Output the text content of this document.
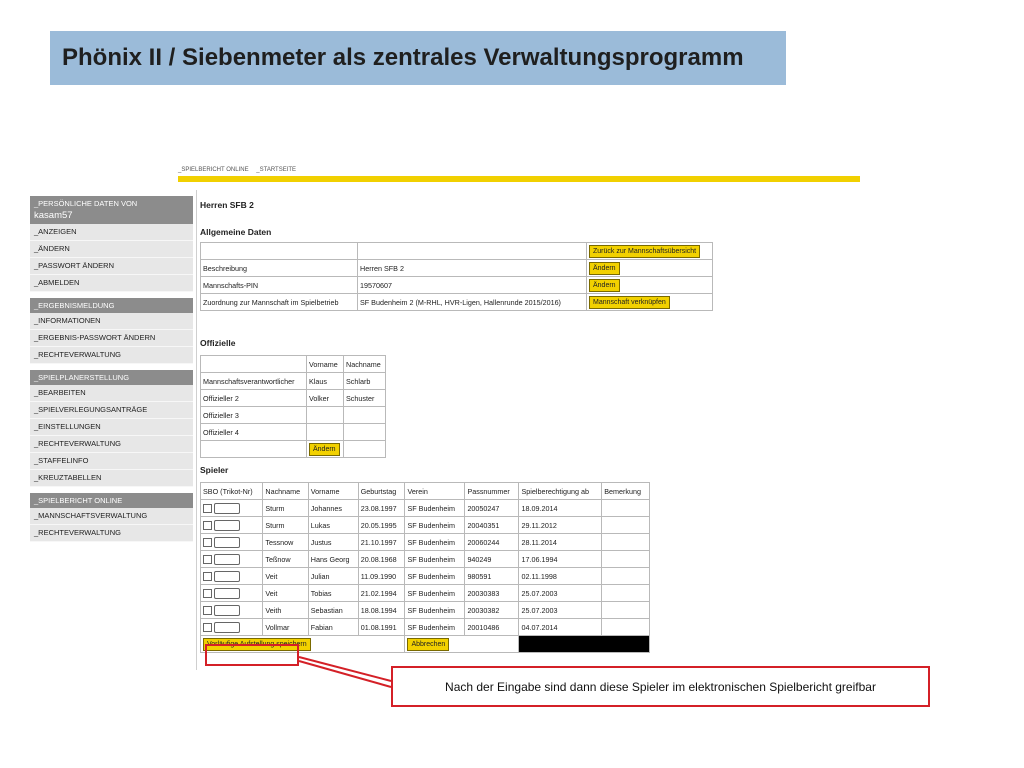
Phönix II / Siebenmeter als zentrales Verwaltungsprogramm
_SPIELBERICHT ONLINE _STARTSEITE
_PERSÖNLICHE DATEN VON
kasam57
_ANZEIGEN
_ÄNDERN
_PASSWORT ÄNDERN
_ABMELDEN
_ERGEBNISMELDUNG
_INFORMATIONEN
_ERGEBNIS-PASSWORT ÄNDERN
_RECHTEVERWALTUNG
_SPIELPLANERSTELLUNG
_BEARBEITEN
_SPIELVERLEGUNGSANTRÄGE
_EINSTELLUNGEN
_RECHTEVERWALTUNG
_STAFFELINFO
_KREUZTABELLEN
_SPIELBERICHT ONLINE
_MANNSCHAFTSVERWALTUNG
_RECHTEVERWALTUNG
Herren SFB 2
Allgemeine Daten
		Zurück zur Mannschaftsübersicht
Beschreibung	Herren SFB 2	Ändern
Mannschafts-PIN	19570607	Ändern
Zuordnung zur Mannschaft im Spielbetrieb	SF Budenheim 2 (M-RHL, HVR-Ligen, Hallenrunde 2015/2016)	Mannschaft verknüpfen
Offizielle
	Vorname	Nachname
Mannschaftsverantwortlicher	Klaus	Schlarb
Offizieller 2	Volker	Schuster
Offizieller 3		
Offizieller 4		
	Ändern	
Spieler
SBO (Trikot-Nr)	Nachname	Vorname	Geburtstag	Verein	Passnummer	Spielberechtigung ab	Bemerkung
	Sturm	Johannes	23.08.1997	SF Budenheim	20050247	18.09.2014	
	Sturm	Lukas	20.05.1995	SF Budenheim	20040351	29.11.2012	
	Tessnow	Justus	21.10.1997	SF Budenheim	20060244	28.11.2014	
	Teßnow	Hans Georg	20.08.1968	SF Budenheim	940249	17.06.1994	
	Veit	Julian	11.09.1990	SF Budenheim	980591	02.11.1998	
	Veit	Tobias	21.02.1994	SF Budenheim	20030383	25.07.2003	
	Veith	Sebastian	18.08.1994	SF Budenheim	20030382	25.07.2003	
	Vollmar	Fabian	01.08.1991	SF Budenheim	20010486	04.07.2014	
Vorläufige Aufstellung speichern				Abbrechen			
Nach der Eingabe sind dann diese Spieler im elektronischen Spielbericht greifbar
